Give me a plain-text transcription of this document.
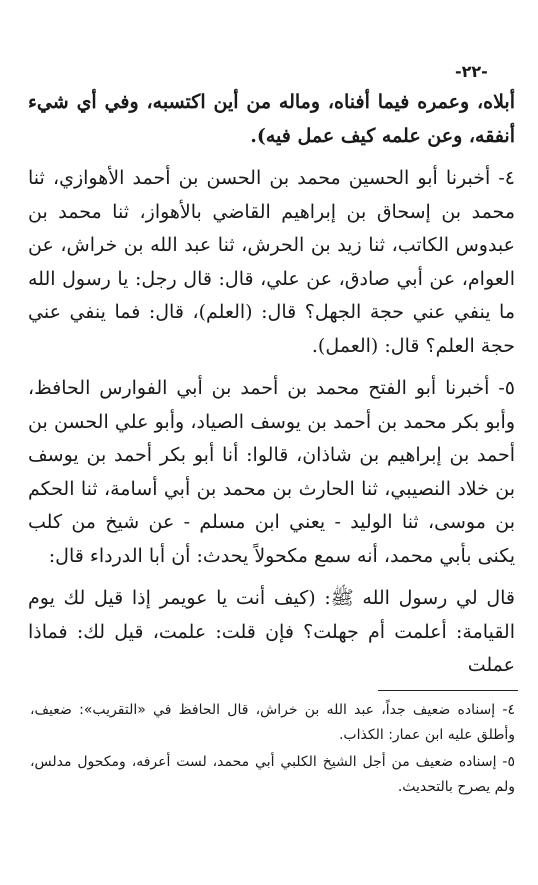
-٢٢-

أبلاه، وعمره فيما أفناه، وماله من أين اكتسبه، وفي أي شيء أنفقه، وعن علمه كيف عمل فيه).

٤- أخبرنا أبو الحسين محمد بن الحسن بن أحمد الأهوازي، ثنا محمد بن إسحاق بن إبراهيم القاضي بالأهواز، ثنا محمد بن عبدوس الكاتب، ثنا زيد بن الحرش، ثنا عبد الله بن خراش، عن العوام، عن أبي صادق، عن علي، قال: قال رجل: يا رسول الله ما ينفي عني حجة الجهل؟ قال: (العلم)، قال: فما ينفي عني حجة العلم؟ قال: (العمل).

٥- أخبرنا أبو الفتح محمد بن أحمد بن أبي الفوارس الحافظ، وأبو بكر محمد بن أحمد بن يوسف الصياد، وأبو علي الحسن بن أحمد بن إبراهيم بن شاذان، قالوا: أنا أبو بكر أحمد بن يوسف بن خلاد النصيبي، ثنا الحارث بن محمد بن أبي أسامة، ثنا الحكم بن موسى، ثنا الوليد - يعني ابن مسلم - عن شيخ من كلب يكنى بأبي محمد، أنه سمع مكحولاً يحدث: أن أبا الدرداء قال:

قال لي رسول الله ﷺ: (كيف أنت يا عويمر إذا قيل لك يوم القيامة: أعلمت أم جهلت؟ فإن قلت: علمت، قيل لك: فماذا عملت

٤- إسناده ضعيف جداً، عبد الله بن خراش، قال الحافظ في «التقريب»: ضعيف، وأطلق عليه ابن عمار: الكذاب.

٥- إسناده ضعيف من أجل الشيخ الكلبي أبي محمد، لست أعرفه، ومكحول مدلس، ولم يصرح بالتحديث.
